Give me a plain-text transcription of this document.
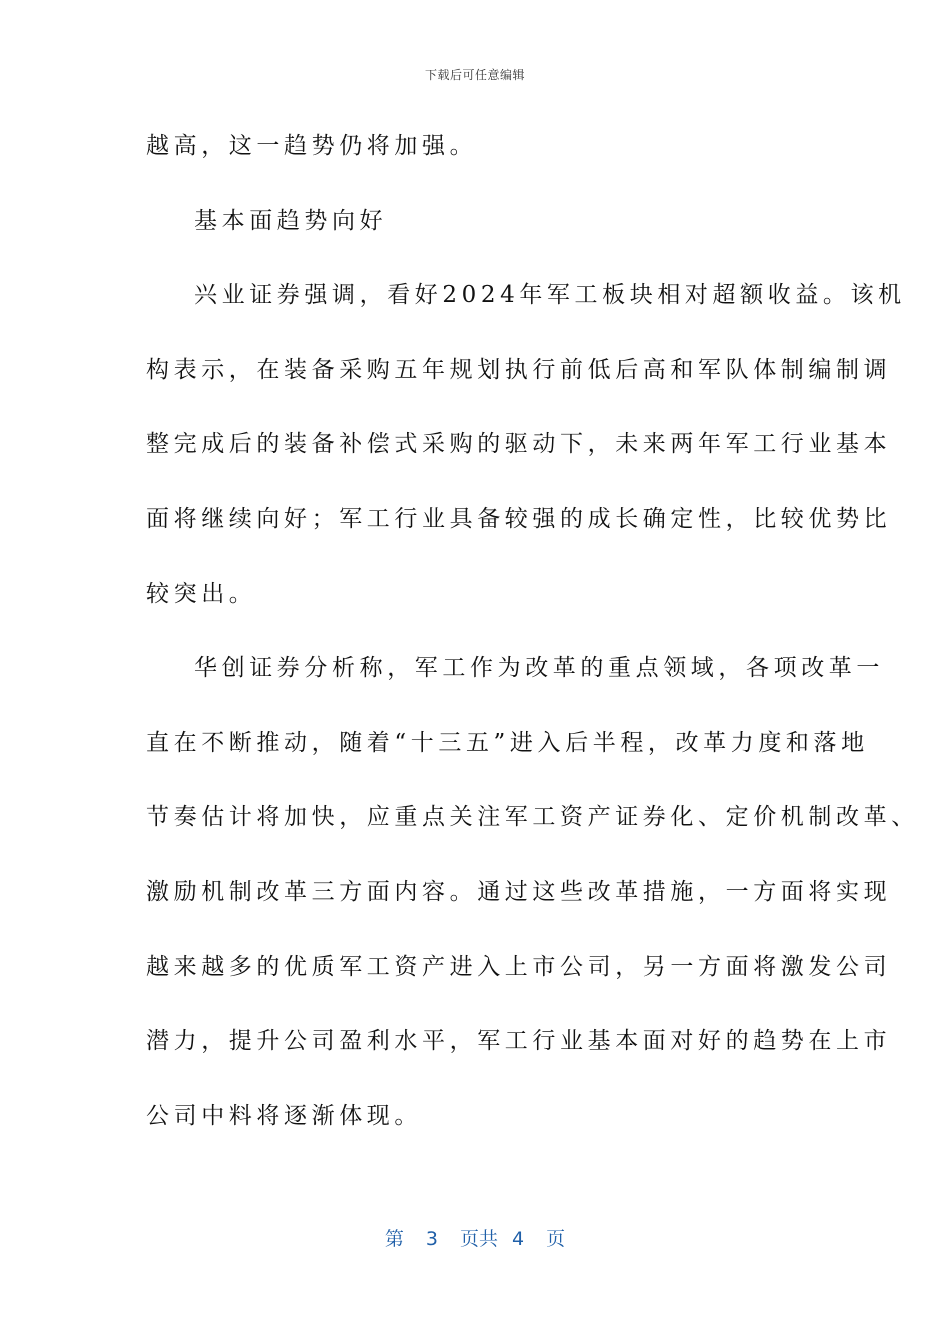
下载后可任意编辑
越高，这一趋势仍将加强。
基本面趋势向好
兴业证券强调，看好2024年军工板块相对超额收益。该机
构表示，在装备采购五年规划执行前低后高和军队体制编制调
整完成后的装备补偿式采购的驱动下，未来两年军工行业基本
面将继续向好；军工行业具备较强的成长确定性，比较优势比
较突出。
华创证券分析称，军工作为改革的重点领域，各项改革一
直在不断推动，随着“十三五”进入后半程，改革力度和落地
节奏估计将加快，应重点关注军工资产证券化、定价机制改革、
激励机制改革三方面内容。通过这些改革措施，一方面将实现
越来越多的优质军工资产进入上市公司，另一方面将激发公司
潜力，提升公司盈利水平，军工行业基本面对好的趋势在上市
公司中料将逐渐体现。
第 3 页共 4 页
